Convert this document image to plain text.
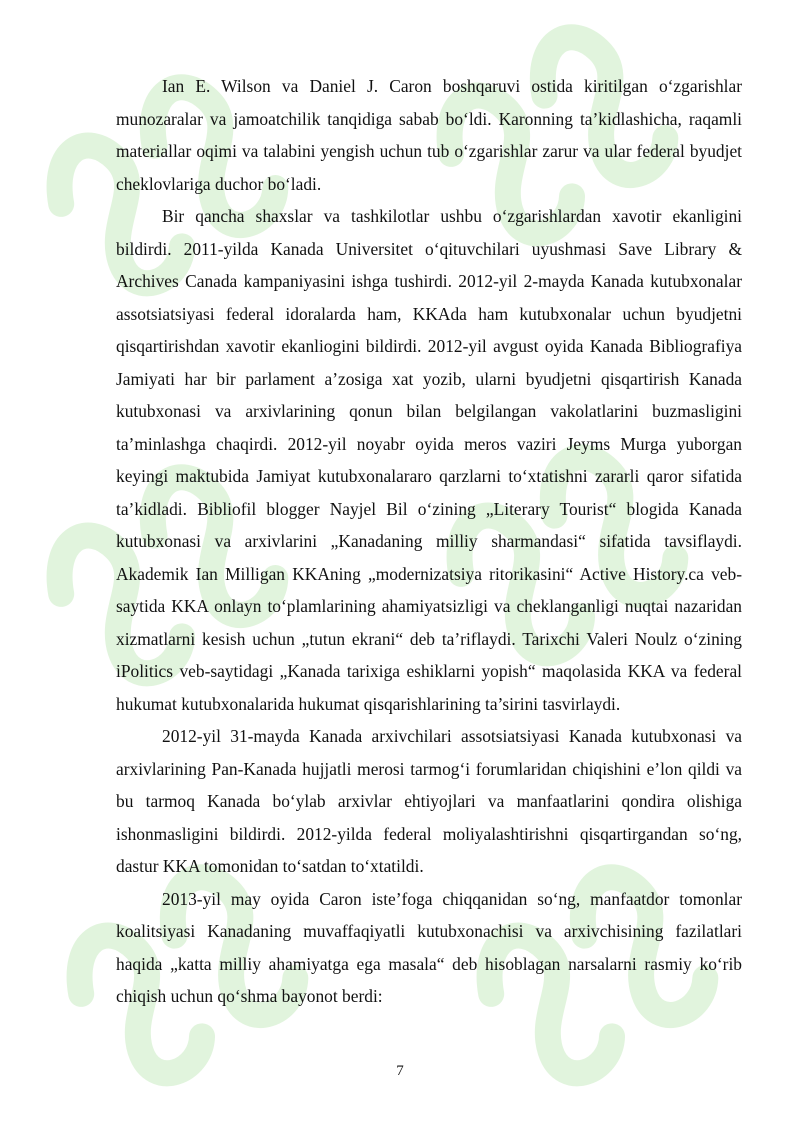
Ian E. Wilson va Daniel J. Caron boshqaruvi ostida kiritilgan oʻzgarishlar munozaralar va jamoatchilik tanqidiga sabab boʻldi. Karonning taʼkidlashicha, raqamli materiallar oqimi va talabini yengish uchun tub oʻzgarishlar zarur va ular federal byudjet cheklovlariga duchor boʻladi.

Bir qancha shaxslar va tashkilotlar ushbu oʻzgarishlardan xavotir ekanligini bildirdi. 2011-yilda Kanada Universitet oʻqituvchilari uyushmasi Save Library & Archives Canada kampaniyasini ishga tushirdi. 2012-yil 2-mayda Kanada kutubxonalar assotsiatsiyasi federal idoralarda ham, KKAda ham kutubxonalar uchun byudjetni qisqartirishdan xavotir ekanliogini bildirdi. 2012-yil avgust oyida Kanada Bibliografiya Jamiyati har bir parlament a’zosiga xat yozib, ularni byudjetni qisqartirish Kanada kutubxonasi va arxivlarining qonun bilan belgilangan vakolatlarini buzmasligini ta’minlashga chaqirdi. 2012-yil noyabr oyida meros vaziri Jeyms Murga yuborgan keyingi maktubida Jamiyat kutubxonalararo qarzlarni toʻxtatishni zararli qaror sifatida ta’kidladi. Bibliofil blogger Nayjel Bil oʻzining „Literary Tourist“ blogida Kanada kutubxonasi va arxivlarini „Kanadaning milliy sharmandasi“ sifatida tavsiflaydi. Akademik Ian Milligan KKAning „modernizatsiya ritorikasini“ Active History.ca veb-saytida KKA onlayn toʻplamlarining ahamiyatsizligi va cheklanganligi nuqtai nazaridan xizmatlarni kesish uchun „tutun ekrani“ deb ta’riflaydi. Tarixchi Valeri Noulz oʻzining iPolitics veb-saytidagi „Kanada tarixiga eshiklarni yopish“ maqolasida KKA va federal hukumat kutubxonalarida hukumat qisqarishlarining ta’sirini tasvirlaydi.

2012-yil 31-mayda Kanada arxivchilari assotsiatsiyasi Kanada kutubxonasi va arxivlarining Pan-Kanada hujjatli merosi tarmogʻi forumlaridan chiqishini e’lon qildi va bu tarmoq Kanada boʻylab arxivlar ehtiyojlari va manfaatlarini qondira olishiga ishonmasligini bildirdi. 2012-yilda federal moliyalashtirishni qisqartirgandan soʻng, dastur KKA tomonidan toʻsatdan toʻxtatildi.

2013-yil may oyida Caron iste’foga chiqqanidan soʻng, manfaatdor tomonlar koalitsiyasi Kanadaning muvaffaqiyatli kutubxonachisi va arxivchisining fazilatlari haqida „katta milliy ahamiyatga ega masala“ deb hisoblagan narsalarni rasmiy koʻrib chiqish uchun qoʻshma bayonot berdi:

7
